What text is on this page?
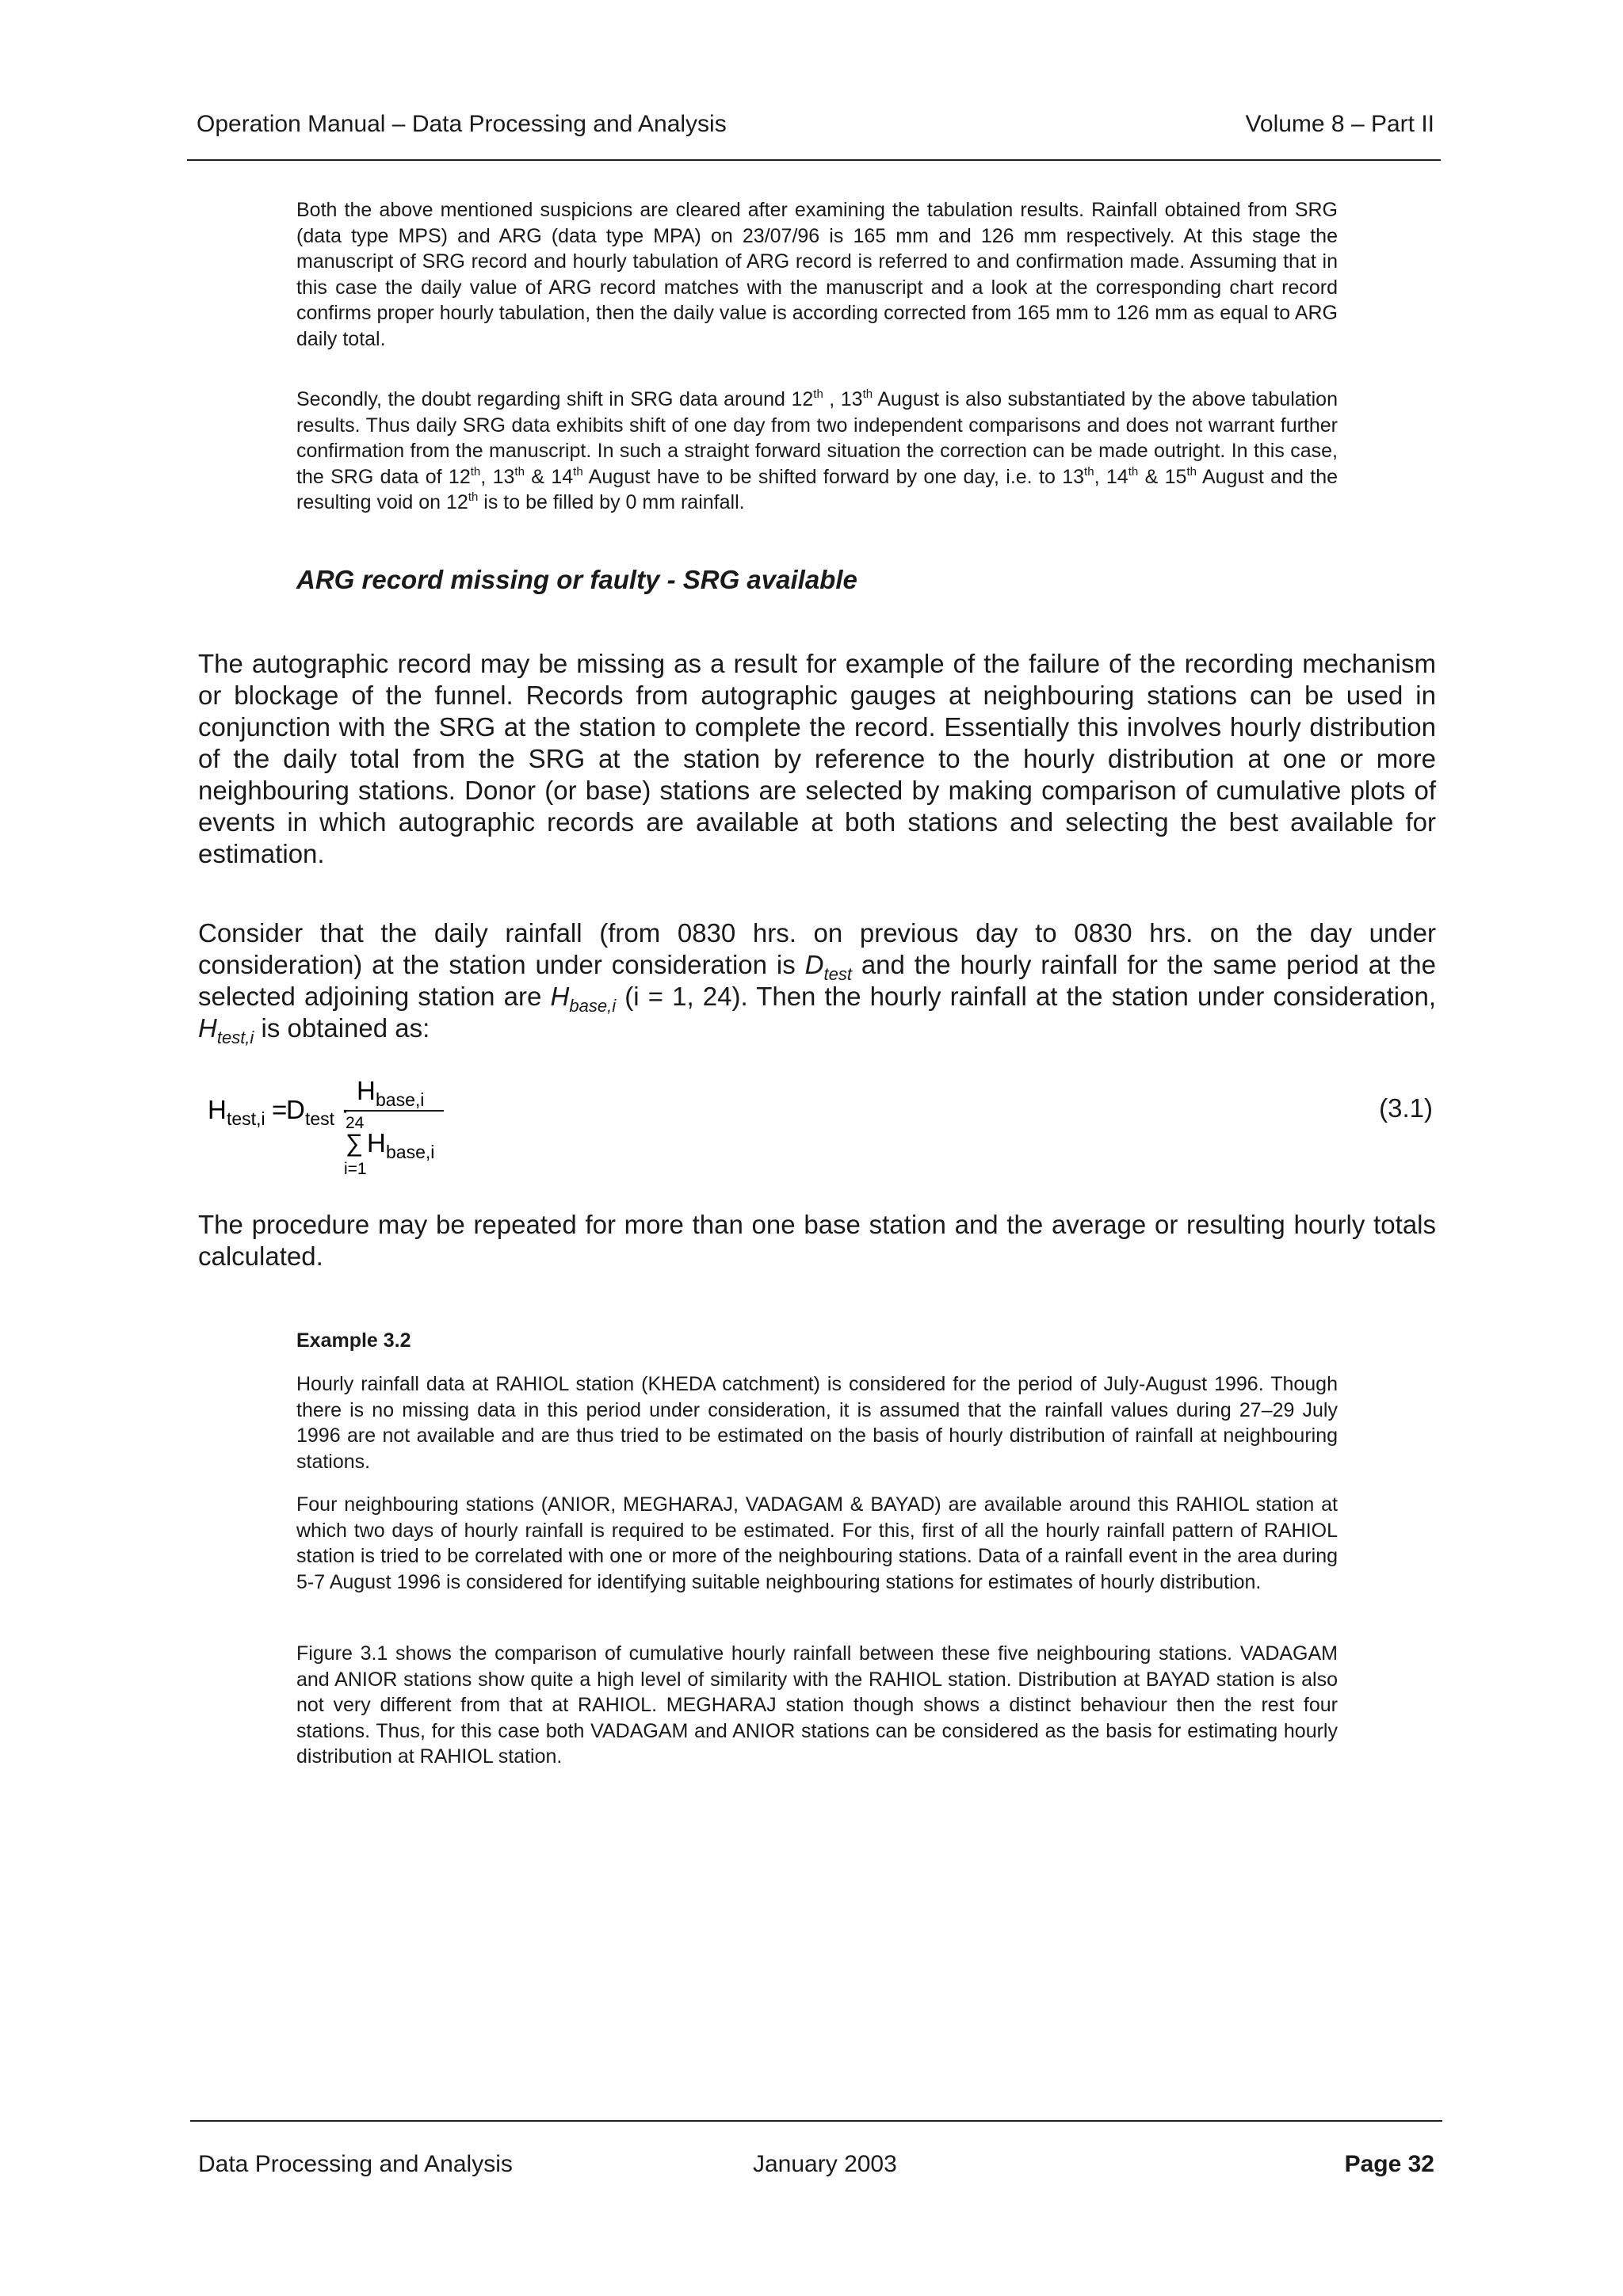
Operation Manual – Data Processing and Analysis	Volume 8 – Part II

Both the above mentioned suspicions are cleared after examining the tabulation results. Rainfall obtained from SRG (data type MPS) and ARG (data type MPA) on 23/07/96 is 165 mm and 126 mm respectively. At this stage the manuscript of SRG record and hourly tabulation of ARG record is referred to and confirmation made. Assuming that in this case the daily value of ARG record matches with the manuscript and a look at the corresponding chart record confirms proper hourly tabulation, then the daily value is according corrected from 165 mm to 126 mm as equal to ARG daily total.

Secondly, the doubt regarding shift in SRG data around 12th , 13th August is also substantiated by the above tabulation results. Thus daily SRG data exhibits shift of one day from two independent comparisons and does not warrant further confirmation from the manuscript. In such a straight forward situation the correction can be made outright. In this case, the SRG data of 12th, 13th & 14th August have to be shifted forward by one day, i.e. to 13th, 14th & 15th August and the resulting void on 12th is to be filled by 0 mm rainfall.

ARG record missing or faulty - SRG available

The autographic record may be missing as a result for example of the failure of the recording mechanism or blockage of the funnel. Records from autographic gauges at neighbouring stations can be used in conjunction with the SRG at the station to complete the record. Essentially this involves hourly distribution of the daily total from the SRG at the station by reference to the hourly distribution at one or more neighbouring stations. Donor (or base) stations are selected by making comparison of cumulative plots of events in which autographic records are available at both stations and selecting the best available for estimation.

Consider that the daily rainfall (from 0830 hrs. on previous day to 0830 hrs. on the day under consideration) at the station under consideration is $D_{test}$ and the hourly rainfall for the same period at the selected adjoining station are $H_{base,i}$ (i = 1, 24). Then the hourly rainfall at the station under consideration, $H_{test,i}$ is obtained as:

H test,i =
D test ·
H base,i
24
∑
i=1
H base,i
(3.1)

The procedure may be repeated for more than one base station and the average or resulting hourly totals calculated.

Example 3.2

Hourly rainfall data at RAHIOL station (KHEDA catchment) is considered for the period of July-August 1996. Though there is no missing data in this period under consideration, it is assumed that the rainfall values during 27–29 July 1996 are not available and are thus tried to be estimated on the basis of hourly distribution of rainfall at neighbouring stations.

Four neighbouring stations (ANIOR, MEGHARAJ, VADAGAM & BAYAD) are available around this RAHIOL station at which two days of hourly rainfall is required to be estimated. For this, first of all the hourly rainfall pattern of RAHIOL station is tried to be correlated with one or more of the neighbouring stations. Data of a rainfall event in the area during 5-7 August 1996 is considered for identifying suitable neighbouring stations for estimates of hourly distribution.

Figure 3.1 shows the comparison of cumulative hourly rainfall between these five neighbouring stations. VADAGAM and ANIOR stations show quite a high level of similarity with the RAHIOL station. Distribution at BAYAD station is also not very different from that at RAHIOL. MEGHARAJ station though shows a distinct behaviour then the rest four stations. Thus, for this case both VADAGAM and ANIOR stations can be considered as the basis for estimating hourly distribution at RAHIOL station.

Data Processing and Analysis	January 2003	Page 32
